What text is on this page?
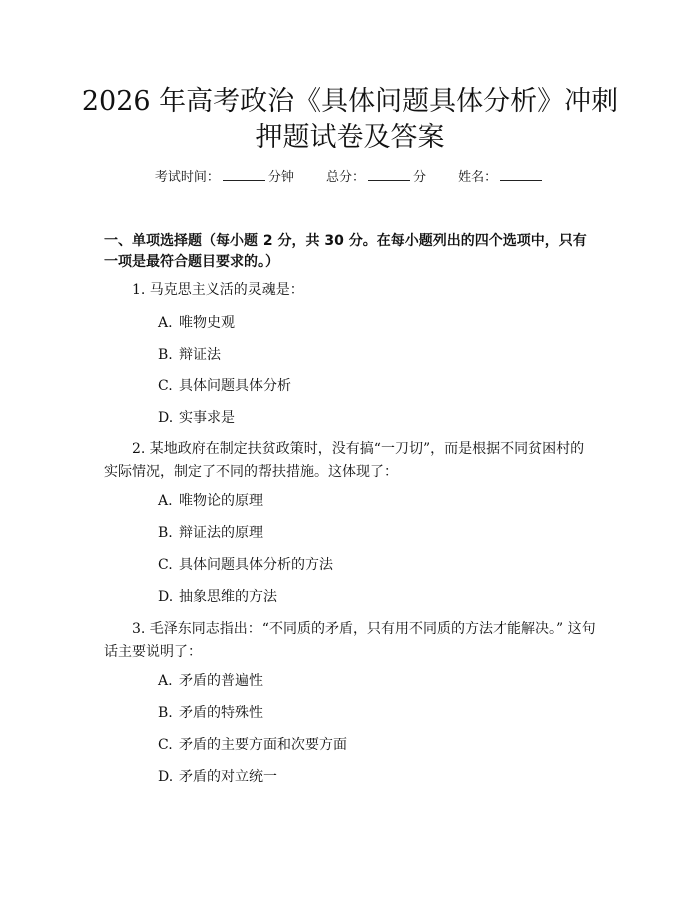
2026 年高考政治《具体问题具体分析》冲刺
押题试卷及答案
考试时间：	分钟 总分：	分 姓名：

一、单项选择题（每小题 2 分，共 30 分。在每小题列出的四个选项中，只有一项是最符合题目要求的。）

1. 马克思主义活的灵魂是：

A. 唯物史观

B. 辩证法

C. 具体问题具体分析

D. 实事求是

2. 某地政府在制定扶贫政策时，没有搞“一刀切”，而是根据不同贫困村的实际情况，制定了不同的帮扶措施。这体现了：

A. 唯物论的原理

B. 辩证法的原理

C. 具体问题具体分析的方法

D. 抽象思维的方法

3. 毛泽东同志指出：“不同质的矛盾，只有用不同质的方法才能解决。” 这句话主要说明了：

A. 矛盾的普遍性

B. 矛盾的特殊性

C. 矛盾的主要方面和次要方面

D. 矛盾的对立统一
